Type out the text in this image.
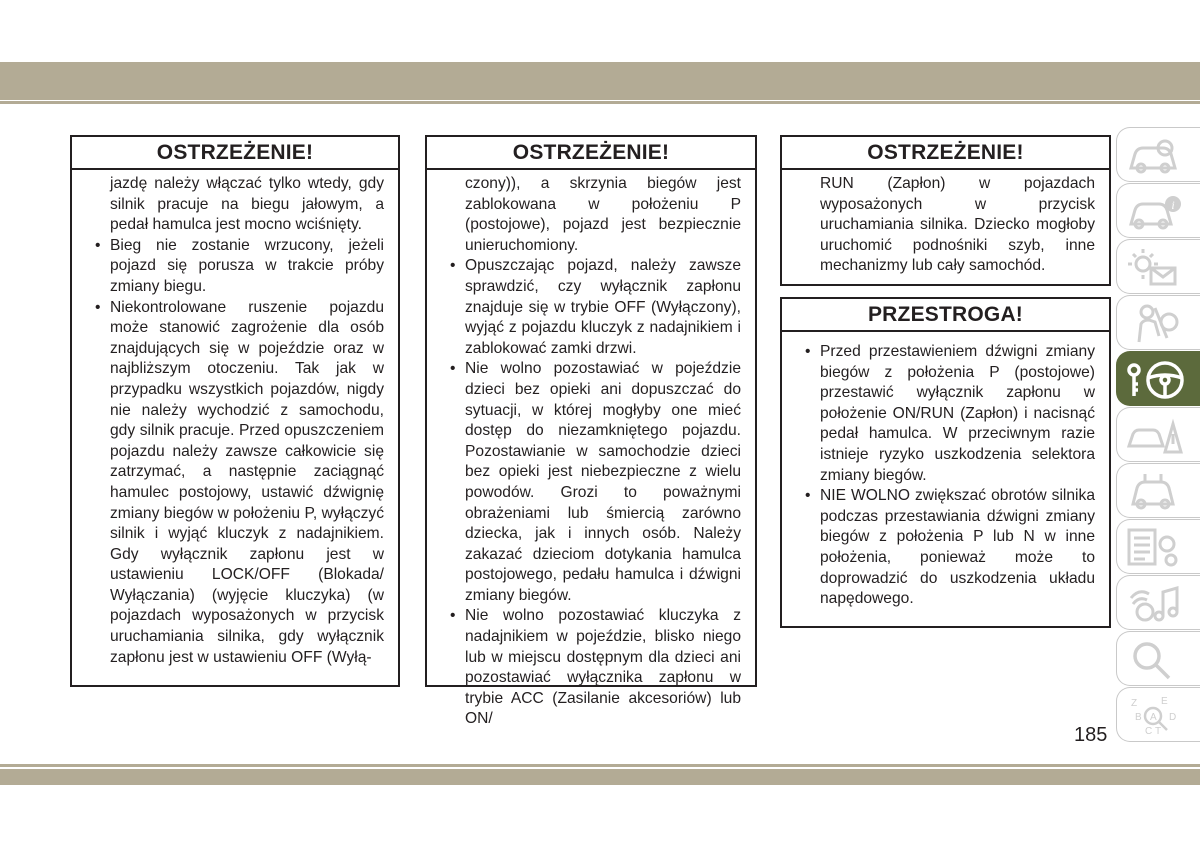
OSTRZEŻENIE!

jazdę należy włączać tylko wtedy, gdy silnik pracuje na biegu jałowym, a pedał hamulca jest mocno wciśnięty.

• Bieg nie zostanie wrzucony, jeżeli pojazd się porusza w trakcie próby zmiany biegu.
• Niekontrolowane ruszenie pojazdu może stanowić zagrożenie dla osób znajdujących się w pojeździe oraz w najbliższym otoczeniu. Tak jak w przypadku wszystkich pojazdów, nigdy nie należy wychodzić z samochodu, gdy silnik pracuje. Przed opuszczeniem pojazdu należy zawsze całkowicie się zatrzymać, a następnie zaciągnąć hamulec postojowy, ustawić dźwignię zmiany biegów w położeniu P, wyłączyć silnik i wyjąć kluczyk z nadajnikiem. Gdy wyłącznik zapłonu jest w ustawieniu LOCK/OFF (Blokada/ Wyłączania) (wyjęcie kluczyka) (w pojazdach wyposażonych w przycisk uruchamiania silnika, gdy wyłącznik zapłonu jest w ustawieniu OFF (Wyłą-
OSTRZEŻENIE!

czony)), a skrzynia biegów jest zablokowana w położeniu P (postojowe), pojazd jest bezpiecznie unieruchomiony.

• Opuszczając pojazd, należy zawsze sprawdzić, czy wyłącznik zapłonu znajduje się w trybie OFF (Wyłączony), wyjąć z pojazdu kluczyk z nadajnikiem i zablokować zamki drzwi.
• Nie wolno pozostawiać w pojeździe dzieci bez opieki ani dopuszczać do sytuacji, w której mogłyby one mieć dostęp do niezamkniętego pojazdu. Pozostawianie w samochodzie dzieci bez opieki jest niebezpieczne z wielu powodów. Grozi to poważnymi obrażeniami lub śmiercią zarówno dziecka, jak i innych osób. Należy zakazać dzieciom dotykania hamulca postojowego, pedału hamulca i dźwigni zmiany biegów.
• Nie wolno pozostawiać kluczyka z nadajnikiem w pojeździe, blisko niego lub w miejscu dostępnym dla dzieci ani pozostawiać wyłącznika zapłonu w trybie ACC (Zasilanie akcesoriów) lub ON/
OSTRZEŻENIE!

RUN (Zapłon) w pojazdach wyposażonych w przycisk uruchamiania silnika. Dziecko mogłoby uruchomić podnośniki szyb, inne mechanizmy lub cały samochód.

PRZESTROGA!
• Przed przestawieniem dźwigni zmiany biegów z położenia P (postojowe) przestawić wyłącznik zapłonu w położenie ON/RUN (Zapłon) i nacisnąć pedał hamulca. W przeciwnym razie istnieje ryzyko uszkodzenia selektora zmiany biegów.
• NIE WOLNO zwiększać obrotów silnika podczas przestawiania dźwigni zmiany biegów z położenia P lub N w inne położenia, ponieważ może to doprowadzić do uszkodzenia układu napędowego.
i
Z E
B	D
C T
A
185
